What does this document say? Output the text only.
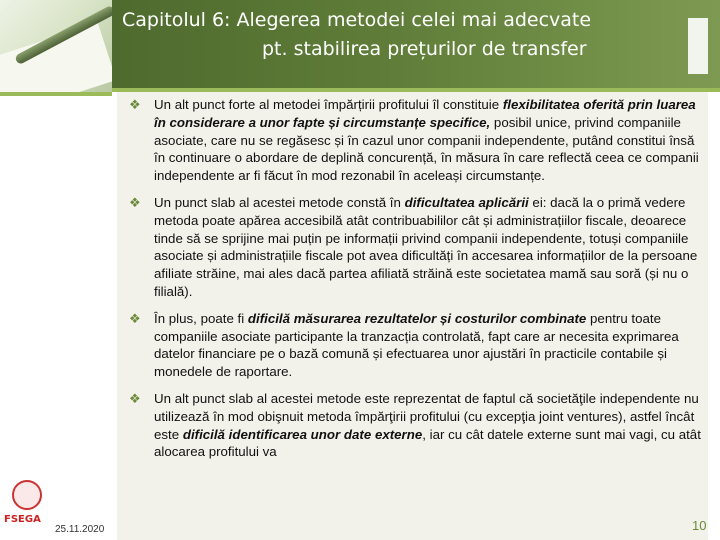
Capitolul 6: Alegerea metodei celei mai adecvate
pt. stabilirea prețurilor de transfer
❖ Un alt punct forte al metodei împărțirii profitului îl constituie flexibilitatea oferită prin luarea în considerare a unor fapte și circumstanțe specifice, posibil unice, privind companiile asociate, care nu se regăsesc și în cazul unor companii independente, putând constitui însă în continuare o abordare de deplină concurență, în măsura în care reflectă ceea ce companii independente ar fi făcut în mod rezonabil în aceleași circumstanțe.
❖ Un punct slab al acestei metode constă în dificultatea aplicării ei: dacă la o primă vedere metoda poate apărea accesibilă atât contribuabililor cât și administrațiilor fiscale, deoarece tinde să se sprijine mai puțin pe informații privind companii independente, totuși companiile asociate și administrațiile fiscale pot avea dificultăți în accesarea informațiilor de la persoane afiliate străine, mai ales dacă partea afiliată străină este societatea mamă sau soră (și nu o filială).
❖ În plus, poate fi dificilă măsurarea rezultatelor și costurilor combinate pentru toate companiile asociate participante la tranzacția controlată, fapt care ar necesita exprimarea datelor financiare pe o bază comună și efectuarea unor ajustări în practicile contabile și monedele de raportare.
❖ Un alt punct slab al acestei metode este reprezentat de faptul că societăţile independente nu utilizează în mod obişnuit metoda împărţirii profitului (cu excepţia joint ventures), astfel încât este dificilă identificarea unor date externe, iar cu cât datele externe sunt mai vagi, cu atât alocarea profitului va
FSEGA
25.11.2020	10
